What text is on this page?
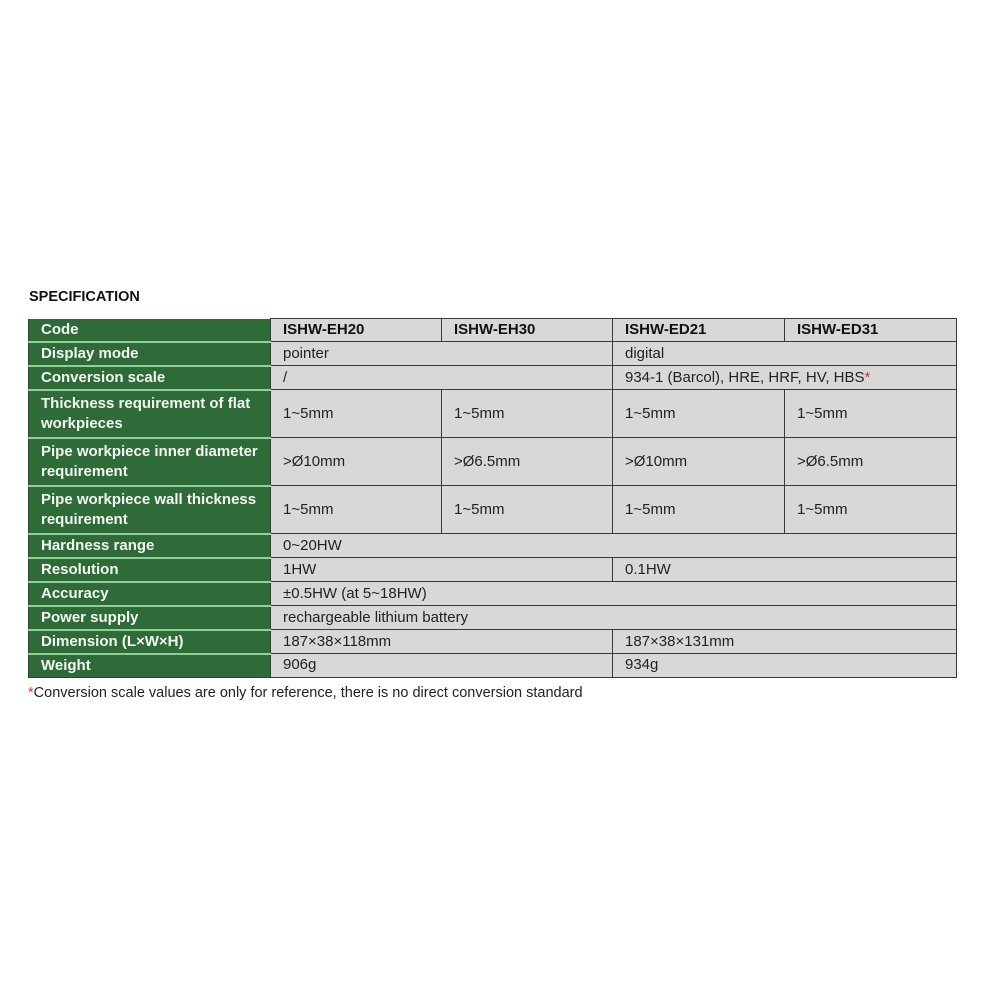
SPECIFICATION
Code	ISHW-EH20	ISHW-EH30	ISHW-ED21	ISHW-ED31
Display mode	pointer		digital	
Conversion scale	/		934-1 (Barcol), HRE, HRF, HV, HBS*	
Thickness requirement of flat workpieces	1~5mm	1~5mm	1~5mm	1~5mm
Pipe workpiece inner diameter requirement	>Ø10mm	>Ø6.5mm	>Ø10mm	>Ø6.5mm
Pipe workpiece wall thickness requirement	1~5mm	1~5mm	1~5mm	1~5mm
Hardness range	0~20HW			
Resolution	1HW		0.1HW	
Accuracy	±0.5HW (at 5~18HW)			
Power supply	rechargeable lithium battery			
Dimension (L×W×H)	187×38×118mm		187×38×131mm	
Weight	906g		934g	
*Conversion scale values are only for reference, there is no direct conversion standard
